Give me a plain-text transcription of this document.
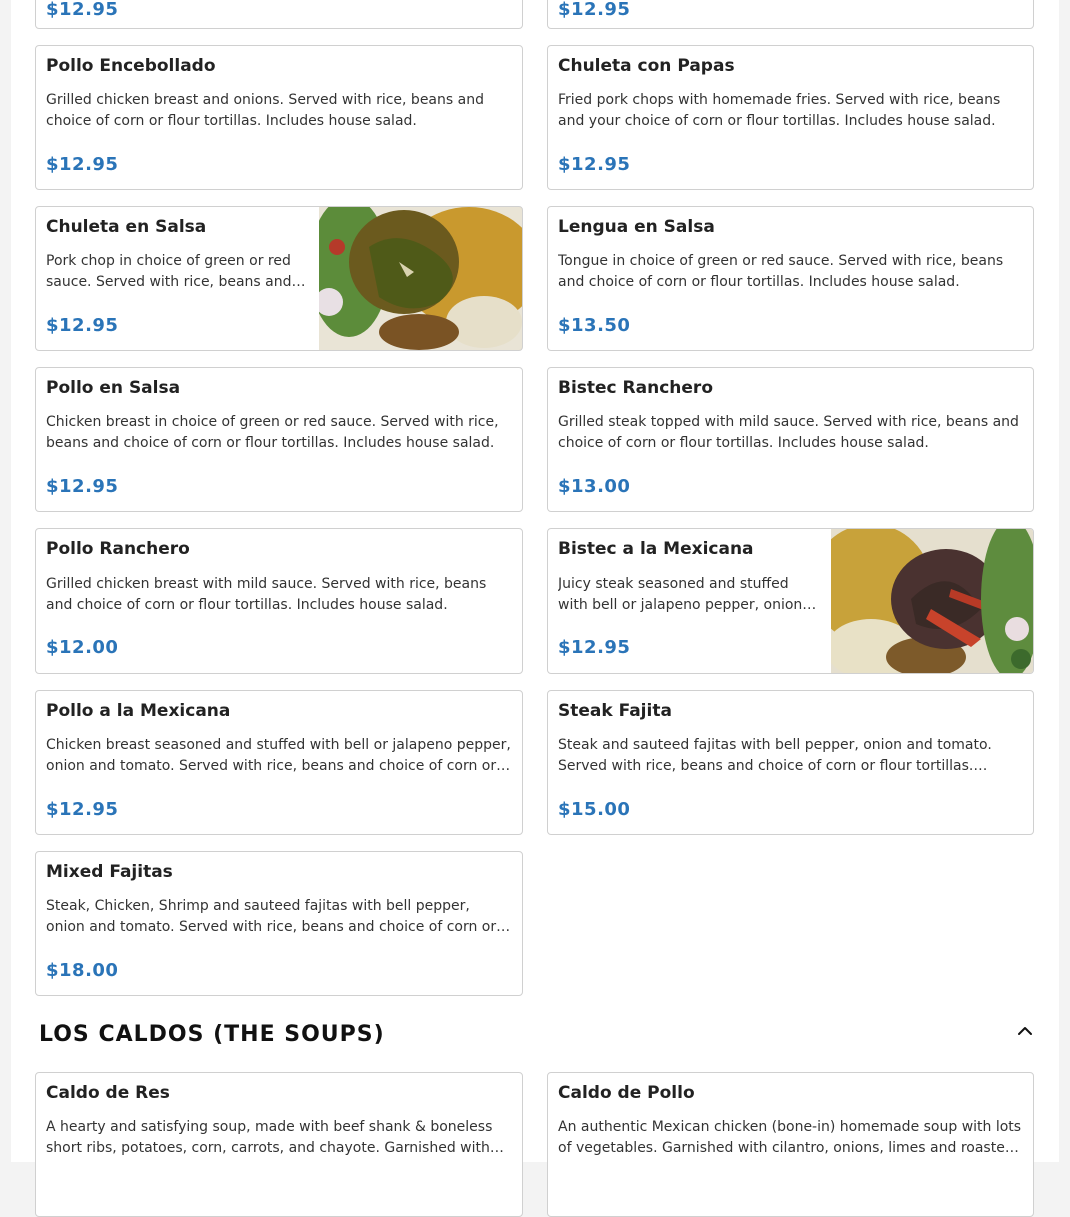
$12.95	$12.95
Pollo Encebollado
Grilled chicken breast and onions. Served with rice, beans and choice of corn or flour tortillas. Includes house salad.
$12.95
Chuleta con Papas
Fried pork chops with homemade fries. Served with rice, beans and your choice of corn or flour tortillas. Includes house salad.
$12.95
Chuleta en Salsa
Pork chop in choice of green or red sauce. Served with rice, beans and
$12.95
Lengua en Salsa
Tongue in choice of green or red sauce. Served with rice, beans and choice of corn or flour tortillas. Includes house salad.
$13.50
Pollo en Salsa
Chicken breast in choice of green or red sauce. Served with rice, beans and choice of corn or flour tortillas. Includes house salad.
$12.95
Bistec Ranchero
Grilled steak topped with mild sauce. Served with rice, beans and choice of corn or flour tortillas. Includes house salad.
$13.00
Pollo Ranchero
Grilled chicken breast with mild sauce. Served with rice, beans and choice of corn or flour tortillas. Includes house salad.
$12.00
Bistec a la Mexicana
Juicy steak seasoned and stuffed with bell or jalapeno pepper, onion
$12.95
Pollo a la Mexicana
Chicken breast seasoned and stuffed with bell or jalapeno pepper, onion and tomato. Served with rice, beans and choice of corn or
$12.95
Steak Fajita
Steak and sauteed fajitas with bell pepper, onion and tomato. Served with rice, beans and choice of corn or flour tortillas.
$15.00
Mixed Fajitas
Steak, Chicken, Shrimp and sauteed fajitas with bell pepper, onion and tomato. Served with rice, beans and choice of corn or
$18.00
LOS CALDOS (THE SOUPS)
Caldo de Res
A hearty and satisfying soup, made with beef shank & boneless short ribs, potatoes, corn, carrots, and chayote. Garnished with
Caldo de Pollo
An authentic Mexican chicken (bone-in) homemade soup with lots of vegetables. Garnished with cilantro, onions, limes and roasted
